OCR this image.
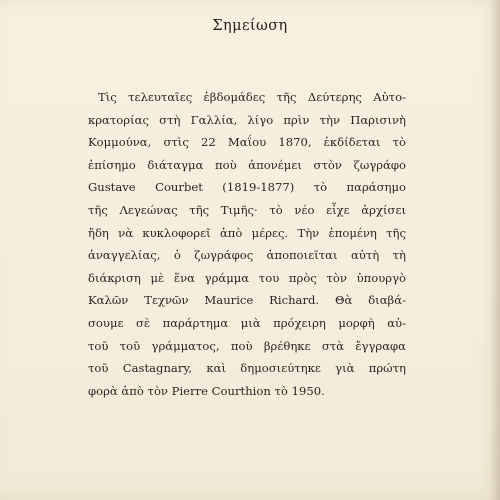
Σημείωση
Τὶς τελευταῖες ἑβδομάδες τῆς Δεύτερης Αὐτο-
κρατορίας στὴ Γαλλία, λίγο πρὶν τὴν Παρισινὴ
Κομμούνα, στὶς 22 Μαΐου 1870, ἐκδίδεται τὸ
ἐπίσημο διάταγμα ποὺ ἀπονέμει στὸν ζωγράφο
Gustave Courbet (1819-1877) τὸ παράσημο
τῆς Λεγεώνας τῆς Τιμῆς· τὸ νέο εἶχε ἀρχίσει
ἤδη νὰ κυκλοφορεῖ ἀπὸ μέρες. Τὴν ἑπομένη τῆς
ἀναγγελίας, ὁ ζωγράφος ἀποποιεῖται αὐτὴ τὴ
διάκριση μὲ ἕνα γράμμα του πρὸς τὸν ὑπουργὸ
Καλῶν Τεχνῶν Maurice Richard. Θὰ διαβά-
σουμε σὲ παράρτημα μιὰ πρόχειρη μορφὴ αὐ-
τοῦ τοῦ γράμματος, ποὺ βρέθηκε στὰ ἔγγραφα
τοῦ Castagnary, καὶ δημοσιεύτηκε γιὰ πρώτη
φορὰ ἀπὸ τὸν Pierre Courthion τὸ 1950.
